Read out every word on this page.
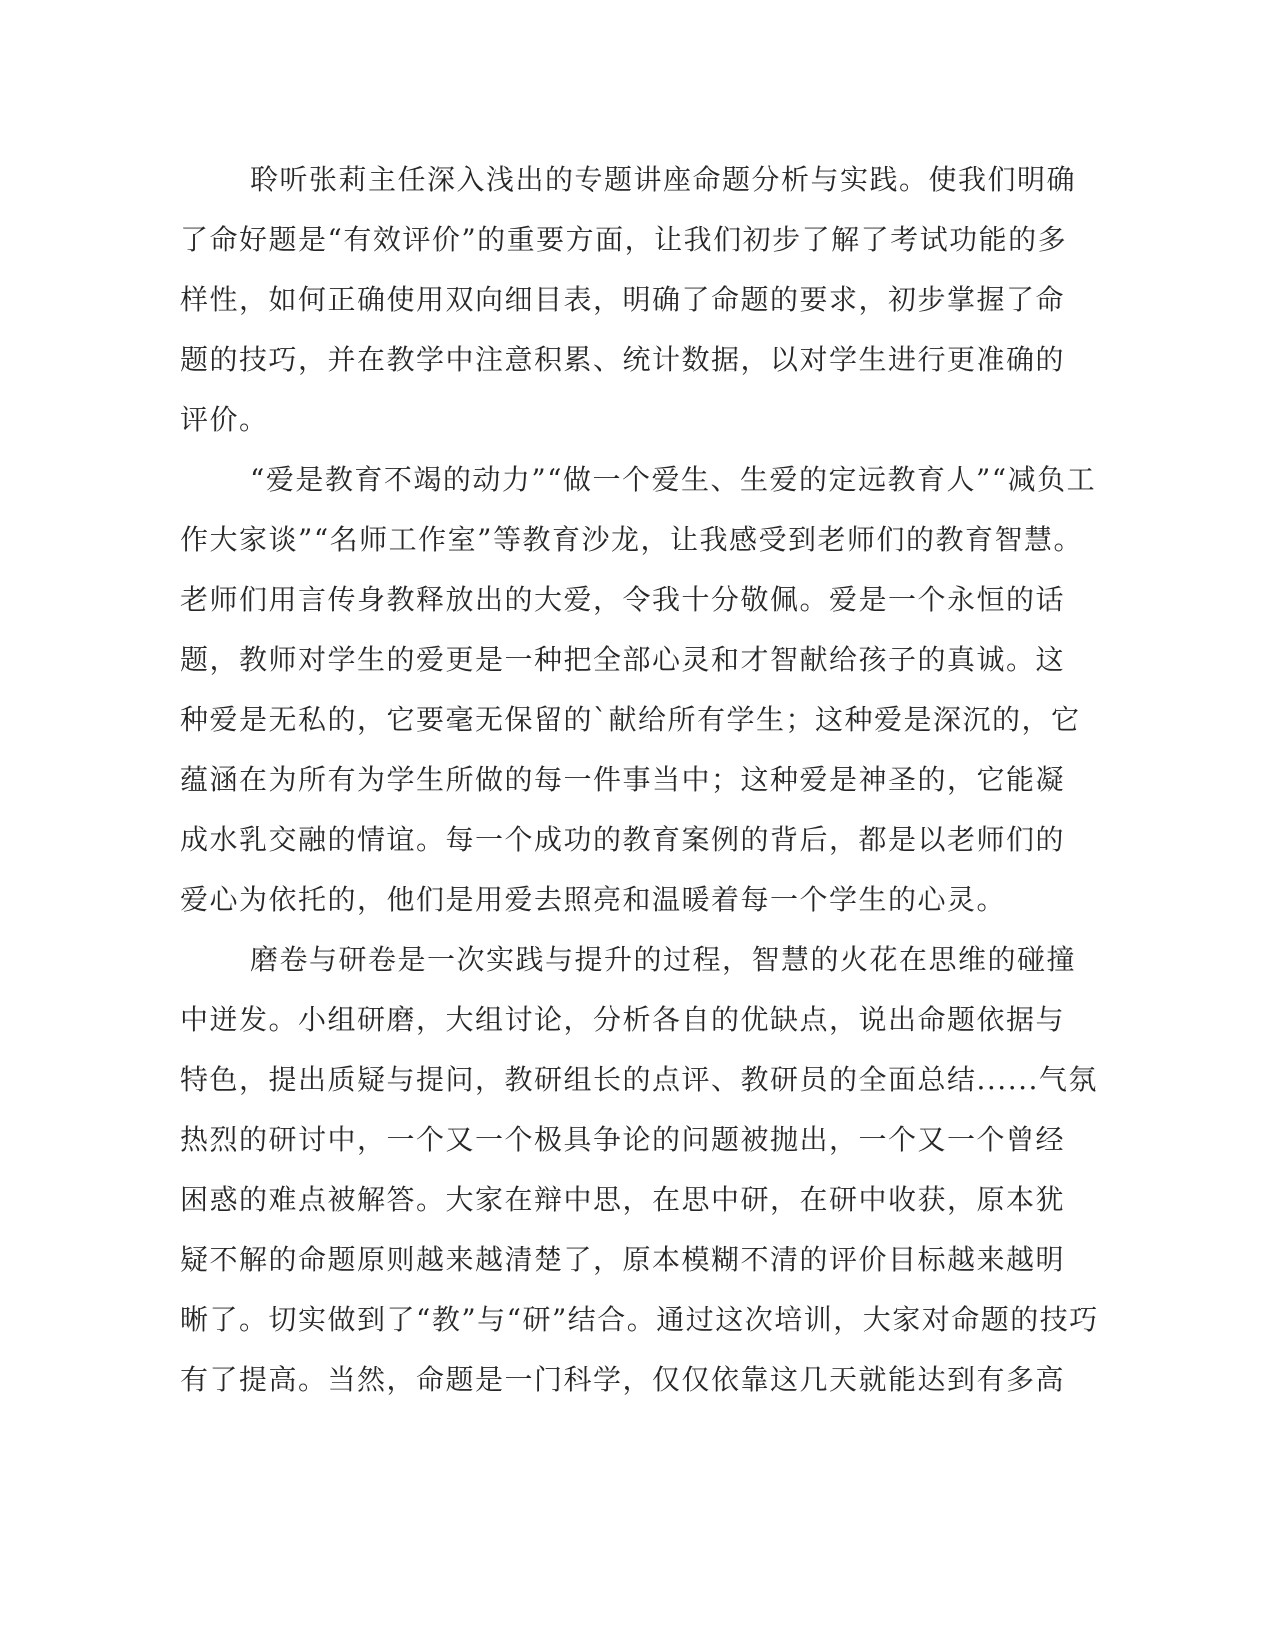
聆听张莉主任深入浅出的专题讲座命题分析与实践。使我们明确
了命好题是“有效评价”的重要方面，让我们初步了解了考试功能的多
样性，如何正确使用双向细目表，明确了命题的要求，初步掌握了命
题的技巧，并在教学中注意积累、统计数据，以对学生进行更准确的
评价。
“爱是教育不竭的动力”“做一个爱生、生爱的定远教育人”“减负工
作大家谈”“名师工作室”等教育沙龙，让我感受到老师们的教育智慧。
老师们用言传身教释放出的大爱，令我十分敬佩。爱是一个永恒的话
题，教师对学生的爱更是一种把全部心灵和才智献给孩子的真诚。这
种爱是无私的，它要毫无保留的`献给所有学生；这种爱是深沉的，它
蕴涵在为所有为学生所做的每一件事当中；这种爱是神圣的，它能凝
成水乳交融的情谊。每一个成功的教育案例的背后，都是以老师们的
爱心为依托的，他们是用爱去照亮和温暖着每一个学生的心灵。
磨卷与研卷是一次实践与提升的过程，智慧的火花在思维的碰撞
中迸发。小组研磨，大组讨论，分析各自的优缺点，说出命题依据与
特色，提出质疑与提问，教研组长的点评、教研员的全面总结......气氛
热烈的研讨中，一个又一个极具争论的问题被抛出，一个又一个曾经
困惑的难点被解答。大家在辩中思，在思中研，在研中收获，原本犹
疑不解的命题原则越来越清楚了，原本模糊不清的评价目标越来越明
晰了。切实做到了“教”与“研”结合。通过这次培训，大家对命题的技巧
有了提高。当然，命题是一门科学，仅仅依靠这几天就能达到有多高
